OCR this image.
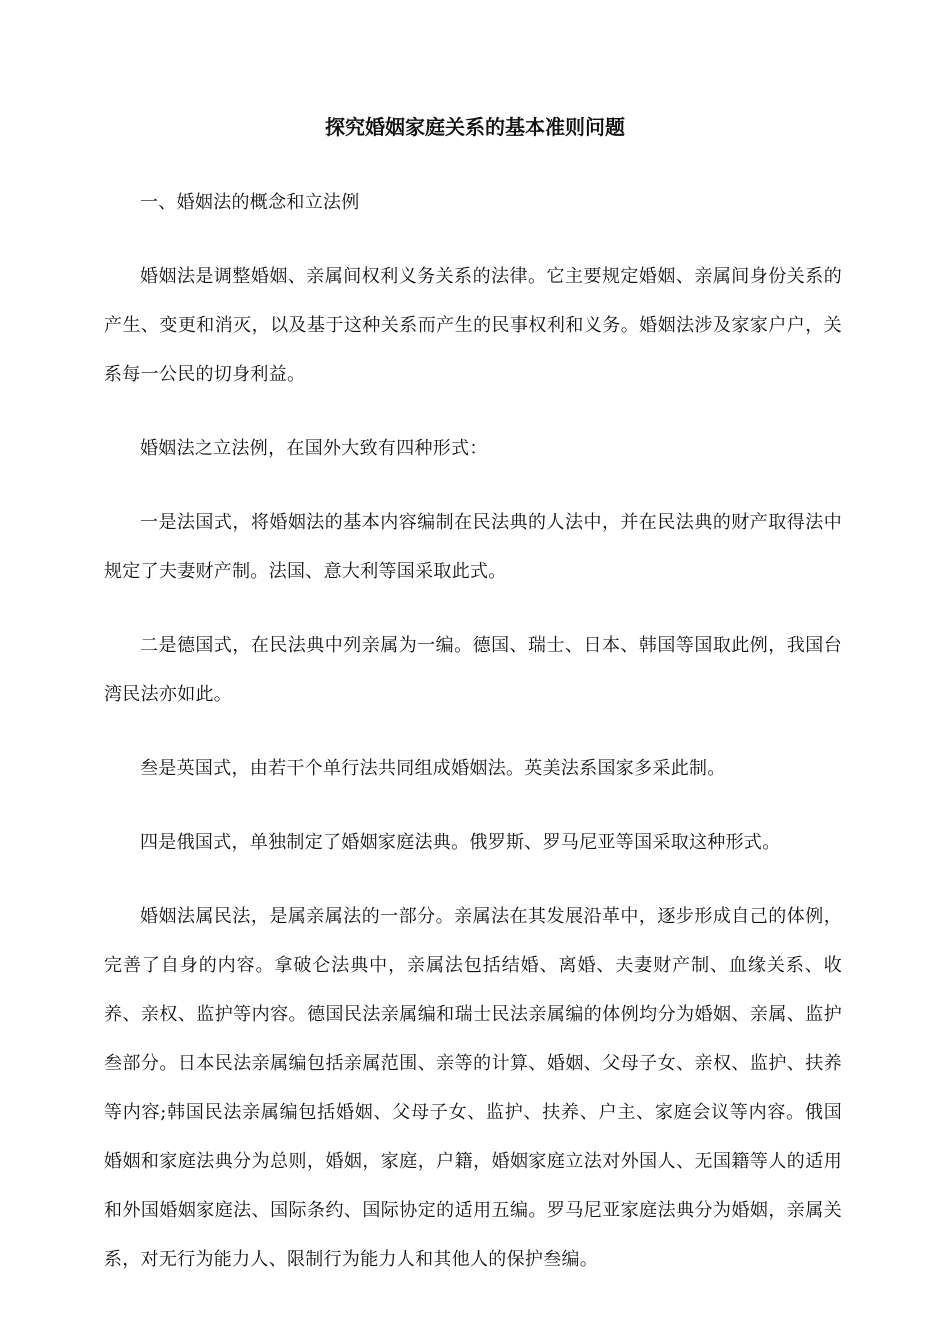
探究婚姻家庭关系的基本准则问题

一、婚姻法的概念和立法例

婚姻法是调整婚姻、亲属间权利义务关系的法律。它主要规定婚姻、亲属间身份关系的产生、变更和消灭，以及基于这种关系而产生的民事权利和义务。婚姻法涉及家家户户，关系每一公民的切身利益。

婚姻法之立法例，在国外大致有四种形式：

一是法国式，将婚姻法的基本内容编制在民法典的人法中，并在民法典的财产取得法中规定了夫妻财产制。法国、意大利等国采取此式。

二是德国式，在民法典中列亲属为一编。德国、瑞士、日本、韩国等国取此例，我国台湾民法亦如此。

叁是英国式，由若干个单行法共同组成婚姻法。英美法系国家多采此制。

四是俄国式，单独制定了婚姻家庭法典。俄罗斯、罗马尼亚等国采取这种形式。

婚姻法属民法，是属亲属法的一部分。亲属法在其发展沿革中，逐步形成自己的体例，完善了自身的内容。拿破仑法典中，亲属法包括结婚、离婚、夫妻财产制、血缘关系、收养、亲权、监护等内容。德国民法亲属编和瑞士民法亲属编的体例均分为婚姻、亲属、监护叁部分。日本民法亲属编包括亲属范围、亲等的计算、婚姻、父母子女、亲权、监护、扶养等内容;韩国民法亲属编包括婚姻、父母子女、监护、扶养、户主、家庭会议等内容。俄国婚姻和家庭法典分为总则，婚姻，家庭，户籍，婚姻家庭立法对外国人、无国籍等人的适用和外国婚姻家庭法、国际条约、国际协定的适用五编。罗马尼亚家庭法典分为婚姻，亲属关系，对无行为能力人、限制行为能力人和其他人的保护叁编。
